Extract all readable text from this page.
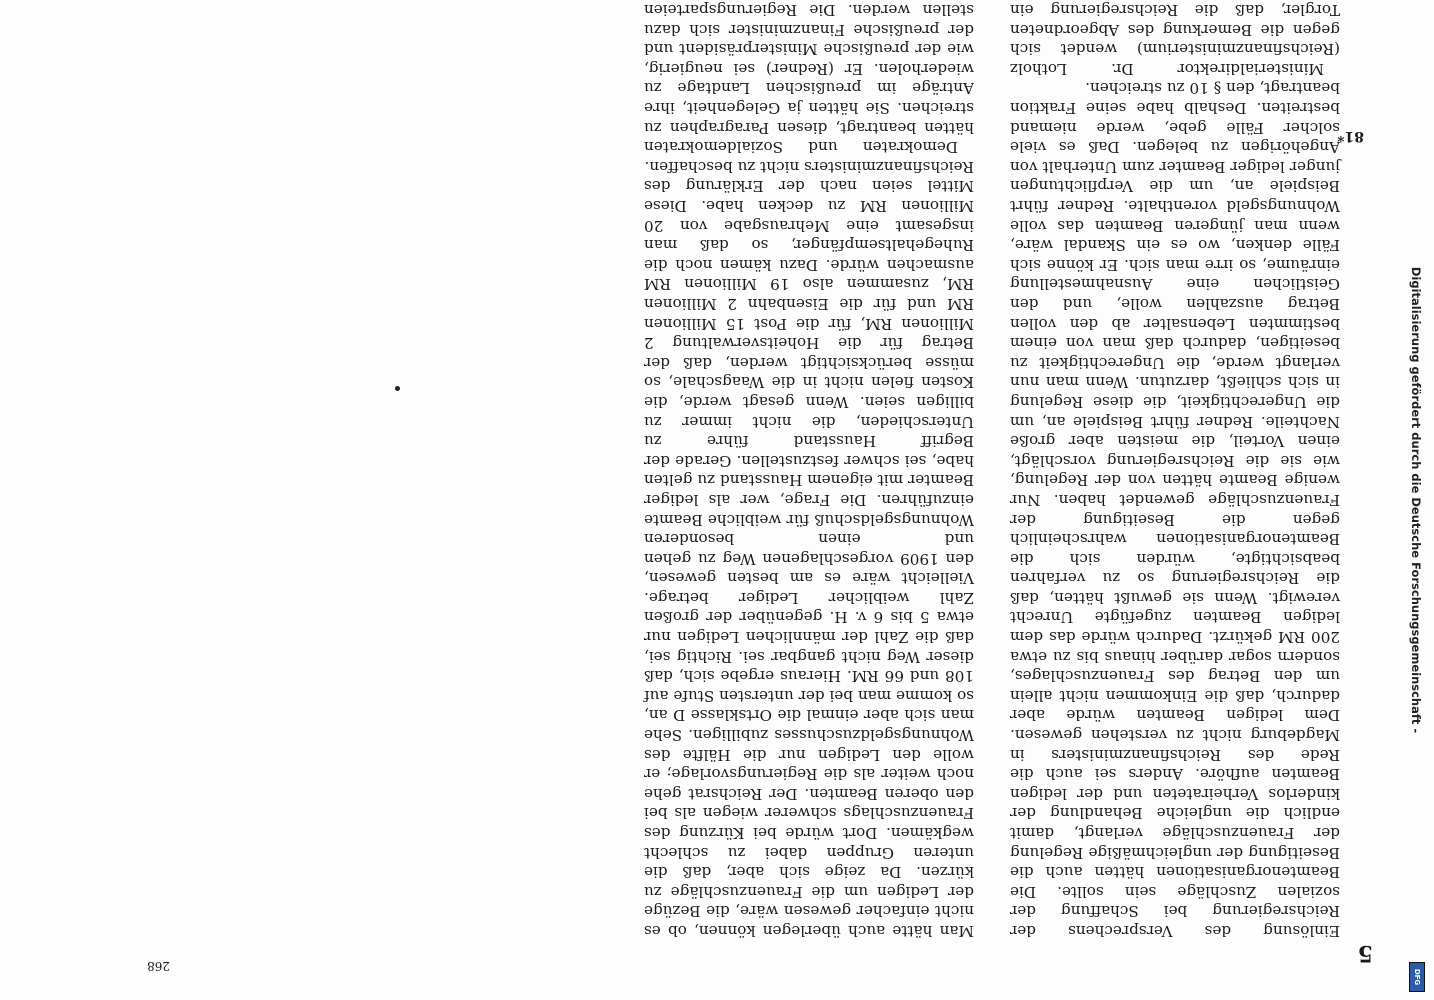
5
268
81*

Einlösung des Versprechens der Reichsregierung bei Schaffung der sozialen Zuschläge sein sollte. Die Beamtenorganisationen hätten auch die Beseitigung der ungleichmäßige Regelung der Frauenzuschläge verlangt, damit endlich die ungleiche Behandlung der kinderlos Verheirateten und der ledigen Beamten aufhöre. Anders sei auch die Rede des Reichsfinanzministers in Magdeburg nicht zu verstehen gewesen. Dem ledigen Beamten würde aber dadurch, daß die Einkommen nicht allein um den Betrag des Frauenzuschlages, sondern sogar darüber hinaus bis zu etwa 200 RM gekürzt. Dadurch würde das dem ledigen Beamten zugefügte Unrecht verewigt. Wenn sie gewußt hätten, daß die Reichsregierung so zu verfahren beabsichtigte, würden sich die Beamtenorganisationen wahrscheinlich gegen die Beseitigung der Frauenzuschläge gewendet haben. Nur wenige Beamte hätten von der Regelung, wie sie die Reichsregierung vorschlägt, einen Vorteil, die meisten aber große Nachteile. Redner führt Beispiele an, um die Ungerechtigkeit, die diese Regelung in sich schließt, darzutun. Wenn man nun verlangt werde, die Ungerechtigkeit zu beseitigen, dadurch daß man von einem bestimmten Lebensalter ab den vollen Betrag auszahlen wolle, und den Geistlichen eine Ausnahmestellung einräume, so irre man sich. Er könne sich Fälle denken, wo es ein Skandal wäre, wenn man jüngeren Beamten das volle Wohnungsgeld vorenthalte. Redner führt Beispiele an, um die Verpflichtungen junger lediger Beamter zum Unterhalt von Angehörigen zu belegen. Daß es viele solcher Fälle gebe, werde niemand bestreiten. Deshalb habe seine Fraktion beantragt, den § 10 zu streichen.

Ministerialdirektor Dr. Lotholz (Reichsfinanzministerium) wendet sich gegen die Bemerkung des Abgeordneten Torgler, daß die Reichsregierung ein

Man hätte auch überlegen können, ob es nicht einfacher gewesen wäre, die Bezüge der Ledigen um die Frauenzuschläge zu kürzen. Da zeige sich aber, daß die unteren Gruppen dabei zu schlecht wegkämen. Dort würde bei Kürzung des Frauenzuschlags schwerer wiegen als bei den oberen Beamten. Der Reichsrat gehe noch weiter als die Regierungsvorlage; er wolle den Ledigen nur die Hälfte des Wohnungsgeldzuschusses zubilligen. Sehe man sich aber einmal die Ortsklasse D an, so komme man bei der untersten Stufe auf 108 und 66 RM. Hieraus ergebe sich, daß dieser Weg nicht gangbar sei. Richtig sei, daß die Zahl der männlichen Ledigen nur etwa 5 bis 6 v. H. gegenüber der großen Zahl weiblicher Lediger betrage. Vielleicht wäre es am besten gewesen, den 1909 vorgeschlagenen Weg zu gehen und einen besonderen Wohnungsgeldschuß für weibliche Beamte einzuführen. Die Frage, wer als lediger Beamter mit eigenem Hausstand zu gelten habe, sei schwer festzustellen. Gerade der Begriff Hausstand führe zu Unterschieden, die nicht immer zu billigen seien. Wenn gesagt werde, die Kosten fielen nicht in die Waagschale, so müsse berücksichtigt werden, daß der Betrag für die Hoheitsverwaltung 2 Millionen RM, für die Post 15 Millionen RM und für die Eisenbahn 2 Millionen RM, zusammen also 19 Millionen RM ausmachen würde. Dazu kämen noch die Ruhegehaltsempfänger, so daß man insgesamt eine Mehrausgabe von 20 Millionen RM zu decken habe. Diese Mittel seien nach der Erklärung des Reichsfinanzministers nicht zu beschaffen.

Demokraten und Sozialdemokraten hätten beantragt, diesen Paragraphen zu streichen. Sie hätten ja Gelegenheit, ihre Anträge im preußischen Landtage zu wiederholen. Er (Redner) sei neugierig, wie der preußische Ministerpräsident und der preußische Finanzminister sich dazu stellen werden. Die Regierungsparteien

Digitalisierung gefördert durch die Deutsche Forschungsgemeinschaft -
DFG
